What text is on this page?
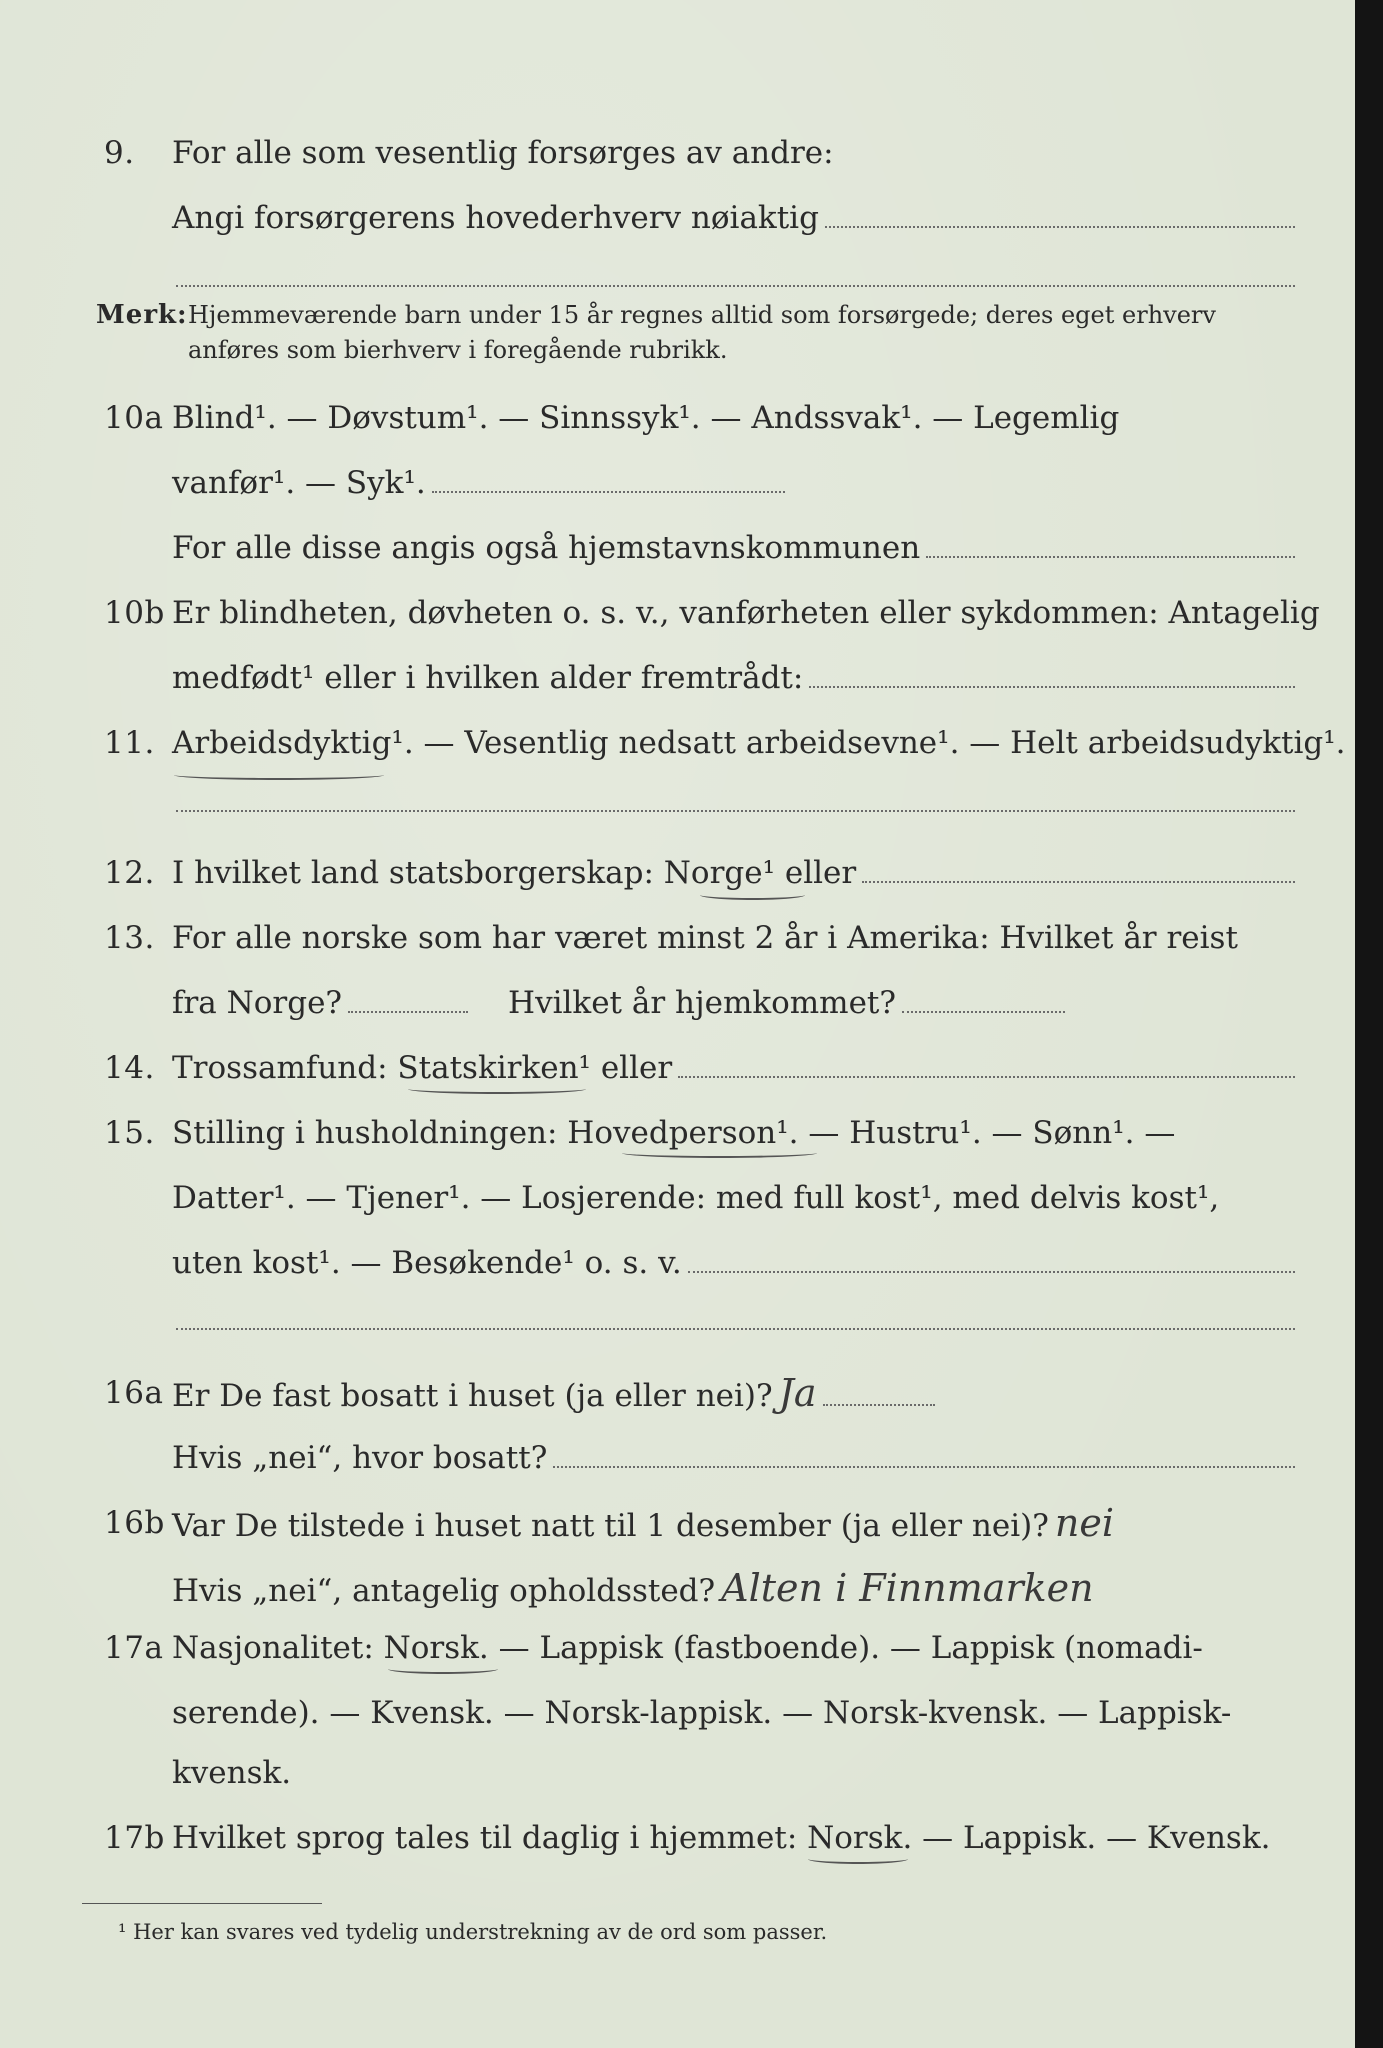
9.	For alle som vesentlig forsørges av andre:
Angi forsørgerens hovederhverv nøiaktig
Merk: Hjemmeværende barn under 15 år regnes alltid som forsørgede; deres eget erhverv
anføres som bierhverv i foregående rubrikk.
10a Blind¹. — Døvstum¹. — Sinnssyk¹. — Andssvak¹. — Legemlig
vanfør¹. — Syk¹.
For alle disse angis også hjemstavnskommunen
10b Er blindheten, døvheten o. s. v., vanførheten eller sykdommen: Antagelig
medfødt¹ eller i hvilken alder fremtrådt:
11. Arbeidsdyktig¹. — Vesentlig nedsatt arbeidsevne¹. — Helt arbeidsudyktig¹.
12. I hvilket land statsborgerskap: Norge¹ eller
13. For alle norske som har været minst 2 år i Amerika: Hvilket år reist
fra Norge?	Hvilket år hjemkommet?
14. Trossamfund: Statskirken¹ eller
15. Stilling i husholdningen: Hovedperson¹. — Hustru¹. — Sønn¹. —
Datter¹. — Tjener¹. — Losjerende: med full kost¹, med delvis kost¹,
uten kost¹. — Besøkende¹ o. s. v.
16a Er De fast bosatt i huset (ja eller nei)? Ja
Hvis „nei“, hvor bosatt?
16b Var De tilstede i huset natt til 1 desember (ja eller nei)? nei
Hvis „nei“, antagelig opholdssted? Alten i Finnmarken
17a Nasjonalitet: Norsk. — Lappisk (fastboende). — Lappisk (nomadi-
serende). — Kvensk. — Norsk-lappisk. — Norsk-kvensk. — Lappisk-
kvensk.
17b Hvilket sprog tales til daglig i hjemmet: Norsk. — Lappisk. — Kvensk.
¹ Her kan svares ved tydelig understrekning av de ord som passer.
